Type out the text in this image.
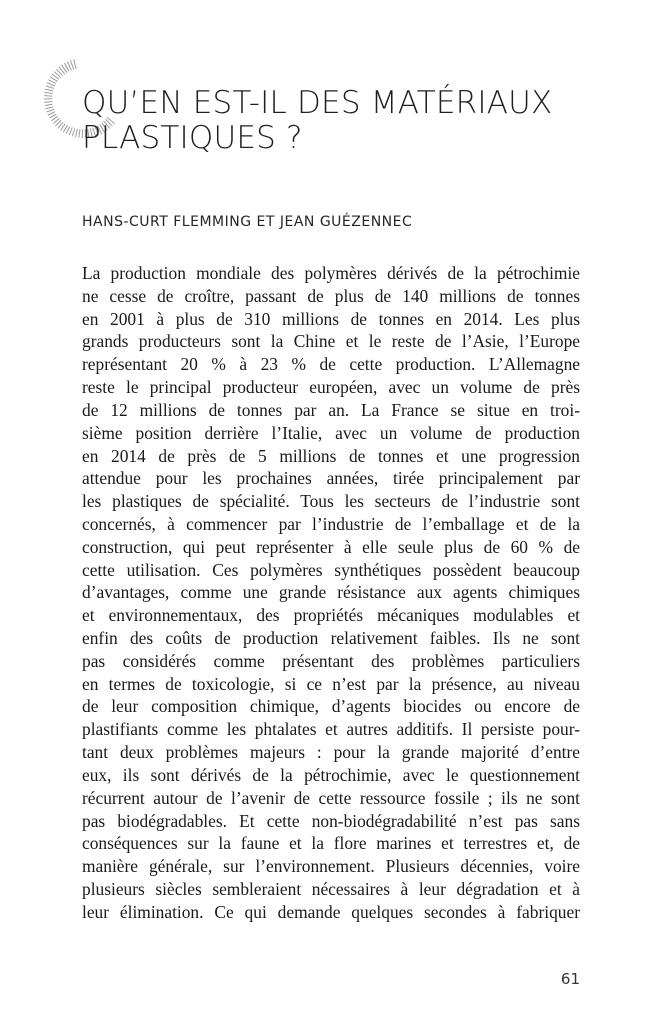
QU’EN EST-IL DES MATÉRIAUX
PLASTIQUES ?

HANS-CURT FLEMMING ET JEAN GUÉZENNEC

La production mondiale des polymères dérivés de la pétrochimie
ne cesse de croître, passant de plus de 140 millions de tonnes
en 2001 à plus de 310 millions de tonnes en 2014. Les plus
grands producteurs sont la Chine et le reste de l’Asie, l’Europe
représentant 20 % à 23 % de cette production. L’Allemagne
reste le principal producteur européen, avec un volume de près
de 12 millions de tonnes par an. La France se situe en troi-
sième position derrière l’Italie, avec un volume de production
en 2014 de près de 5 millions de tonnes et une progression
attendue pour les prochaines années, tirée principalement par
les plastiques de spécialité. Tous les secteurs de l’industrie sont
concernés, à commencer par l’industrie de l’emballage et de la
construction, qui peut représenter à elle seule plus de 60 % de
cette utilisation. Ces polymères synthétiques possèdent beaucoup
d’avantages, comme une grande résistance aux agents chimiques
et environnementaux, des propriétés mécaniques modulables et
enfin des coûts de production relativement faibles. Ils ne sont
pas considérés comme présentant des problèmes particuliers
en termes de toxicologie, si ce n’est par la présence, au niveau
de leur composition chimique, d’agents biocides ou encore de
plastifiants comme les phtalates et autres additifs. Il persiste pour-
tant deux problèmes majeurs : pour la grande majorité d’entre
eux, ils sont dérivés de la pétrochimie, avec le questionnement
récurrent autour de l’avenir de cette ressource fossile ; ils ne sont
pas biodégradables. Et cette non-biodégradabilité n’est pas sans
conséquences sur la faune et la flore marines et terrestres et, de
manière générale, sur l’environnement. Plusieurs décennies, voire
plusieurs siècles sembleraient nécessaires à leur dégradation et à
leur élimination. Ce qui demande quelques secondes à fabriquer
61
